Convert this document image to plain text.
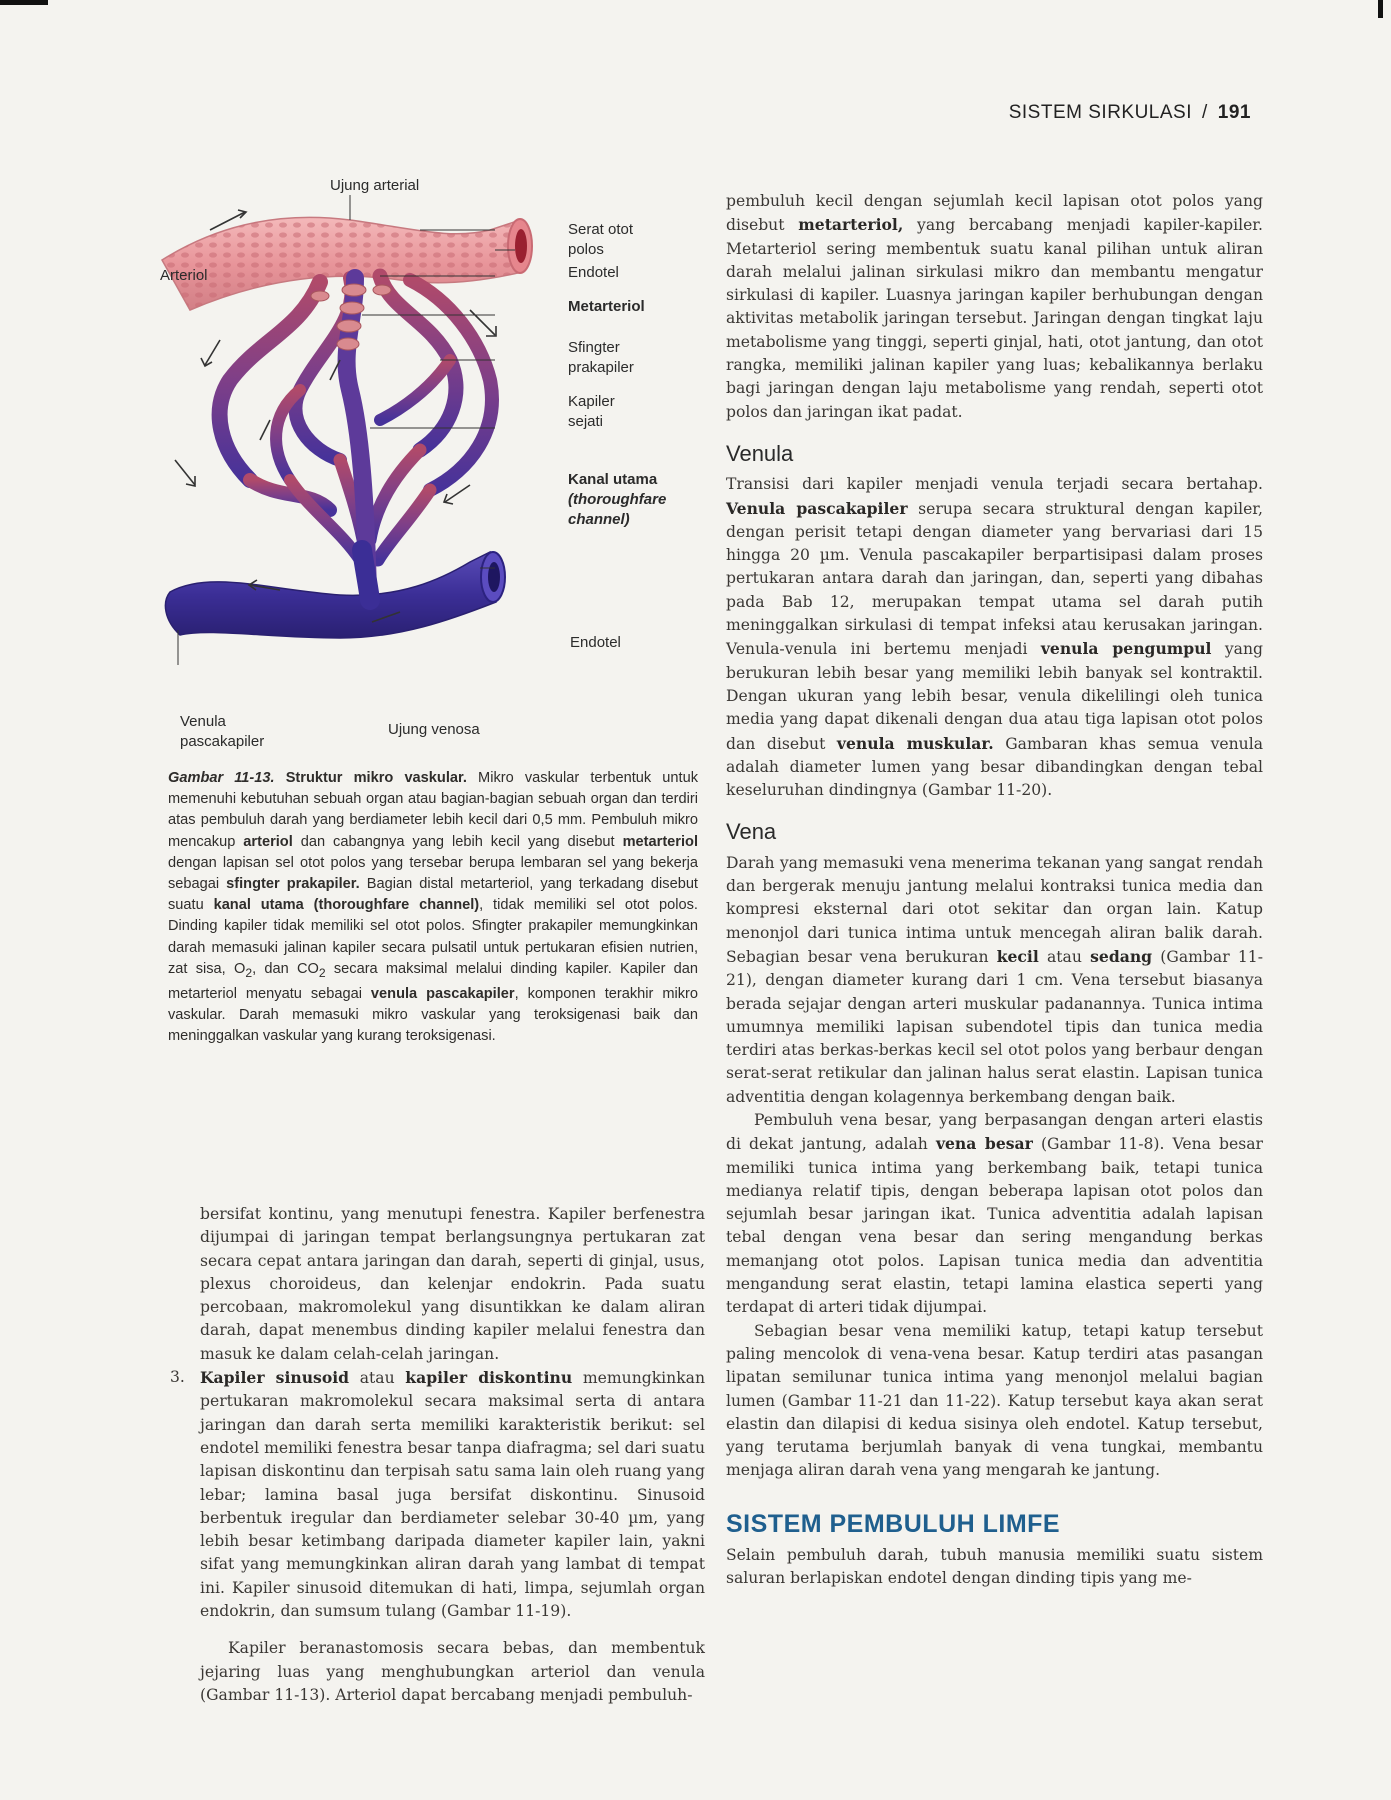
SISTEM SIRKULASI / 191
Ujung arterial
Arteriol
Serat otot
polos
Endotel
Metarteriol
Sfingter
prakapiler
Kapiler
sejati
Kanal utama
(thoroughfare
channel)
Endotel
Venula
pascakapiler
Ujung venosa
Gambar 11-13. Struktur mikro vaskular. Mikro vaskular terbentuk untuk memenuhi kebutuhan sebuah organ atau bagian-bagian sebuah organ dan terdiri atas pembuluh darah yang berdiameter lebih kecil dari 0,5 mm. Pembuluh mikro mencakup arteriol dan cabangnya yang lebih kecil yang disebut metarteriol dengan lapisan sel otot polos yang tersebar berupa lembaran sel yang bekerja sebagai sfingter prakapiler. Bagian distal metarteriol, yang terkadang disebut suatu kanal utama (thoroughfare channel), tidak memiliki sel otot polos. Dinding kapiler tidak memiliki sel otot polos. Sfingter prakapiler memungkinkan darah memasuki jalinan kapiler secara pulsatil untuk pertukaran efisien nutrien, zat sisa, $O_2$, dan $CO_2$ secara maksimal melalui dinding kapiler. Kapiler dan metarteriol menyatu sebagai venula pascakapiler, komponen terakhir mikro vaskular. Darah memasuki mikro vaskular yang teroksigenasi baik dan meninggalkan vaskular yang kurang teroksigenasi.

bersifat kontinu, yang menutupi fenestra. Kapiler berfenestra dijumpai di jaringan tempat berlangsungnya pertukaran zat secara cepat antara jaringan dan darah, seperti di ginjal, usus, plexus choroideus, dan kelenjar endokrin. Pada suatu percobaan, makromolekul yang disuntikkan ke dalam aliran darah, dapat menembus dinding kapiler melalui fenestra dan masuk ke dalam celah-celah jaringan.

3. Kapiler sinusoid atau kapiler diskontinu memungkinkan pertukaran makromolekul secara maksimal serta di antara jaringan dan darah serta memiliki karakteristik berikut: sel endotel memiliki fenestra besar tanpa diafragma; sel dari suatu lapisan diskontinu dan terpisah satu sama lain oleh ruang yang lebar; lamina basal juga bersifat diskontinu. Sinusoid berbentuk iregular dan berdiameter selebar 30-40 µm, yang lebih besar ketimbang daripada diameter kapiler lain, yakni sifat yang memungkinkan aliran darah yang lambat di tempat ini. Kapiler sinusoid ditemukan di hati, limpa, sejumlah organ endokrin, dan sumsum tulang (Gambar 11-19).

Kapiler beranastomosis secara bebas, dan membentuk jejaring luas yang menghubungkan arteriol dan venula (Gambar 11-13). Arteriol dapat bercabang menjadi pembuluh-

pembuluh kecil dengan sejumlah kecil lapisan otot polos yang disebut metarteriol, yang bercabang menjadi kapiler-kapiler. Metarteriol sering membentuk suatu kanal pilihan untuk aliran darah melalui jalinan sirkulasi mikro dan membantu mengatur sirkulasi di kapiler. Luasnya jaringan kapiler berhubungan dengan aktivitas metabolik jaringan tersebut. Jaringan dengan tingkat laju metabolisme yang tinggi, seperti ginjal, hati, otot jantung, dan otot rangka, memiliki jalinan kapiler yang luas; kebalikannya berlaku bagi jaringan dengan laju metabolisme yang rendah, seperti otot polos dan jaringan ikat padat.

Venula

Transisi dari kapiler menjadi venula terjadi secara bertahap. Venula pascakapiler serupa secara struktural dengan kapiler, dengan perisit tetapi dengan diameter yang bervariasi dari 15 hingga 20 µm. Venula pascakapiler berpartisipasi dalam proses pertukaran antara darah dan jaringan, dan, seperti yang dibahas pada Bab 12, merupakan tempat utama sel darah putih meninggalkan sirkulasi di tempat infeksi atau kerusakan jaringan. Venula-venula ini bertemu menjadi venula pengumpul yang berukuran lebih besar yang memiliki lebih banyak sel kontraktil. Dengan ukuran yang lebih besar, venula dikelilingi oleh tunica media yang dapat dikenali dengan dua atau tiga lapisan otot polos dan disebut venula muskular. Gambaran khas semua venula adalah diameter lumen yang besar dibandingkan dengan tebal keseluruhan dindingnya (Gambar 11-20).

Vena

Darah yang memasuki vena menerima tekanan yang sangat rendah dan bergerak menuju jantung melalui kontraksi tunica media dan kompresi eksternal dari otot sekitar dan organ lain. Katup menonjol dari tunica intima untuk mencegah aliran balik darah. Sebagian besar vena berukuran kecil atau sedang (Gambar 11-21), dengan diameter kurang dari 1 cm. Vena tersebut biasanya berada sejajar dengan arteri muskular padanannya. Tunica intima umumnya memiliki lapisan subendotel tipis dan tunica media terdiri atas berkas-berkas kecil sel otot polos yang berbaur dengan serat-serat retikular dan jalinan halus serat elastin. Lapisan tunica adventitia dengan kolagennya berkembang dengan baik.

Pembuluh vena besar, yang berpasangan dengan arteri elastis di dekat jantung, adalah vena besar (Gambar 11-8). Vena besar memiliki tunica intima yang berkembang baik, tetapi tunica medianya relatif tipis, dengan beberapa lapisan otot polos dan sejumlah besar jaringan ikat. Tunica adventitia adalah lapisan tebal dengan vena besar dan sering mengandung berkas memanjang otot polos. Lapisan tunica media dan adventitia mengandung serat elastin, tetapi lamina elastica seperti yang terdapat di arteri tidak dijumpai.

Sebagian besar vena memiliki katup, tetapi katup tersebut paling mencolok di vena-vena besar. Katup terdiri atas pasangan lipatan semilunar tunica intima yang menonjol melalui bagian lumen (Gambar 11-21 dan 11-22). Katup tersebut kaya akan serat elastin dan dilapisi di kedua sisinya oleh endotel. Katup tersebut, yang terutama berjumlah banyak di vena tungkai, membantu menjaga aliran darah vena yang mengarah ke jantung.

SISTEM PEMBULUH LIMFE

Selain pembuluh darah, tubuh manusia memiliki suatu sistem saluran berlapiskan endotel dengan dinding tipis yang me-
